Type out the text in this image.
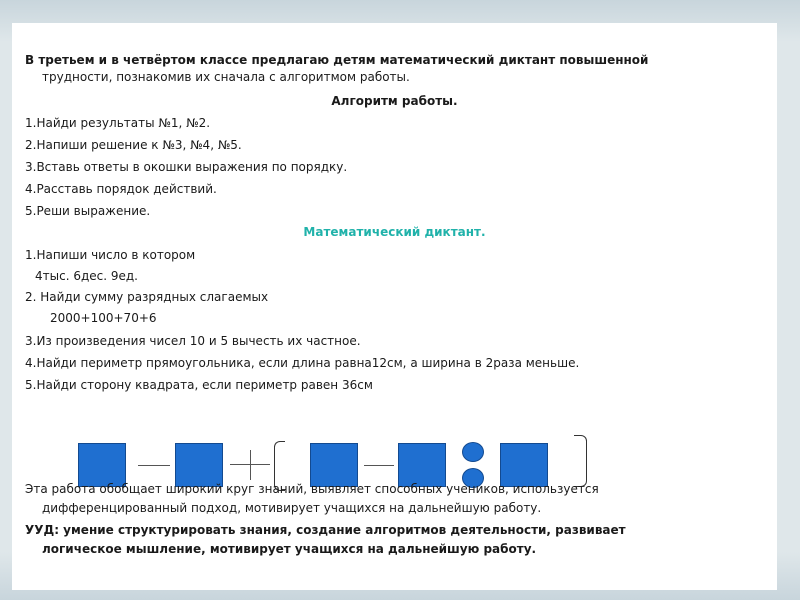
В третьем и в четвёртом классе предлагаю детям математический диктант повышенной
трудности, познакомив их сначала с алгоритмом работы.
Алгоритм работы.
1.Найди результаты №1, №2.
2.Напиши решение к №3, №4, №5.
3.Вставь ответы в окошки выражения по порядку.
4.Расставь порядок действий.
5.Реши выражение.
Математический диктант.
1.Напиши число в котором
4тыс. 6дес. 9ед.
2. Найди сумму разрядных слагаемых
2000+100+70+6
3.Из произведения чисел 10 и 5 вычесть их частное.
4.Найди периметр прямоугольника, если длина равна12см, а ширина в 2раза меньше.
5.Найди сторону квадрата, если периметр равен 36см
Эта работа обобщает широкий круг знаний, выявляет способных учеников, используется
дифференцированный подход, мотивирует учащихся на дальнейшую работу.
УУД: умение структурировать знания, создание алгоритмов деятельности, развивает
логическое мышление, мотивирует учащихся на дальнейшую работу.
